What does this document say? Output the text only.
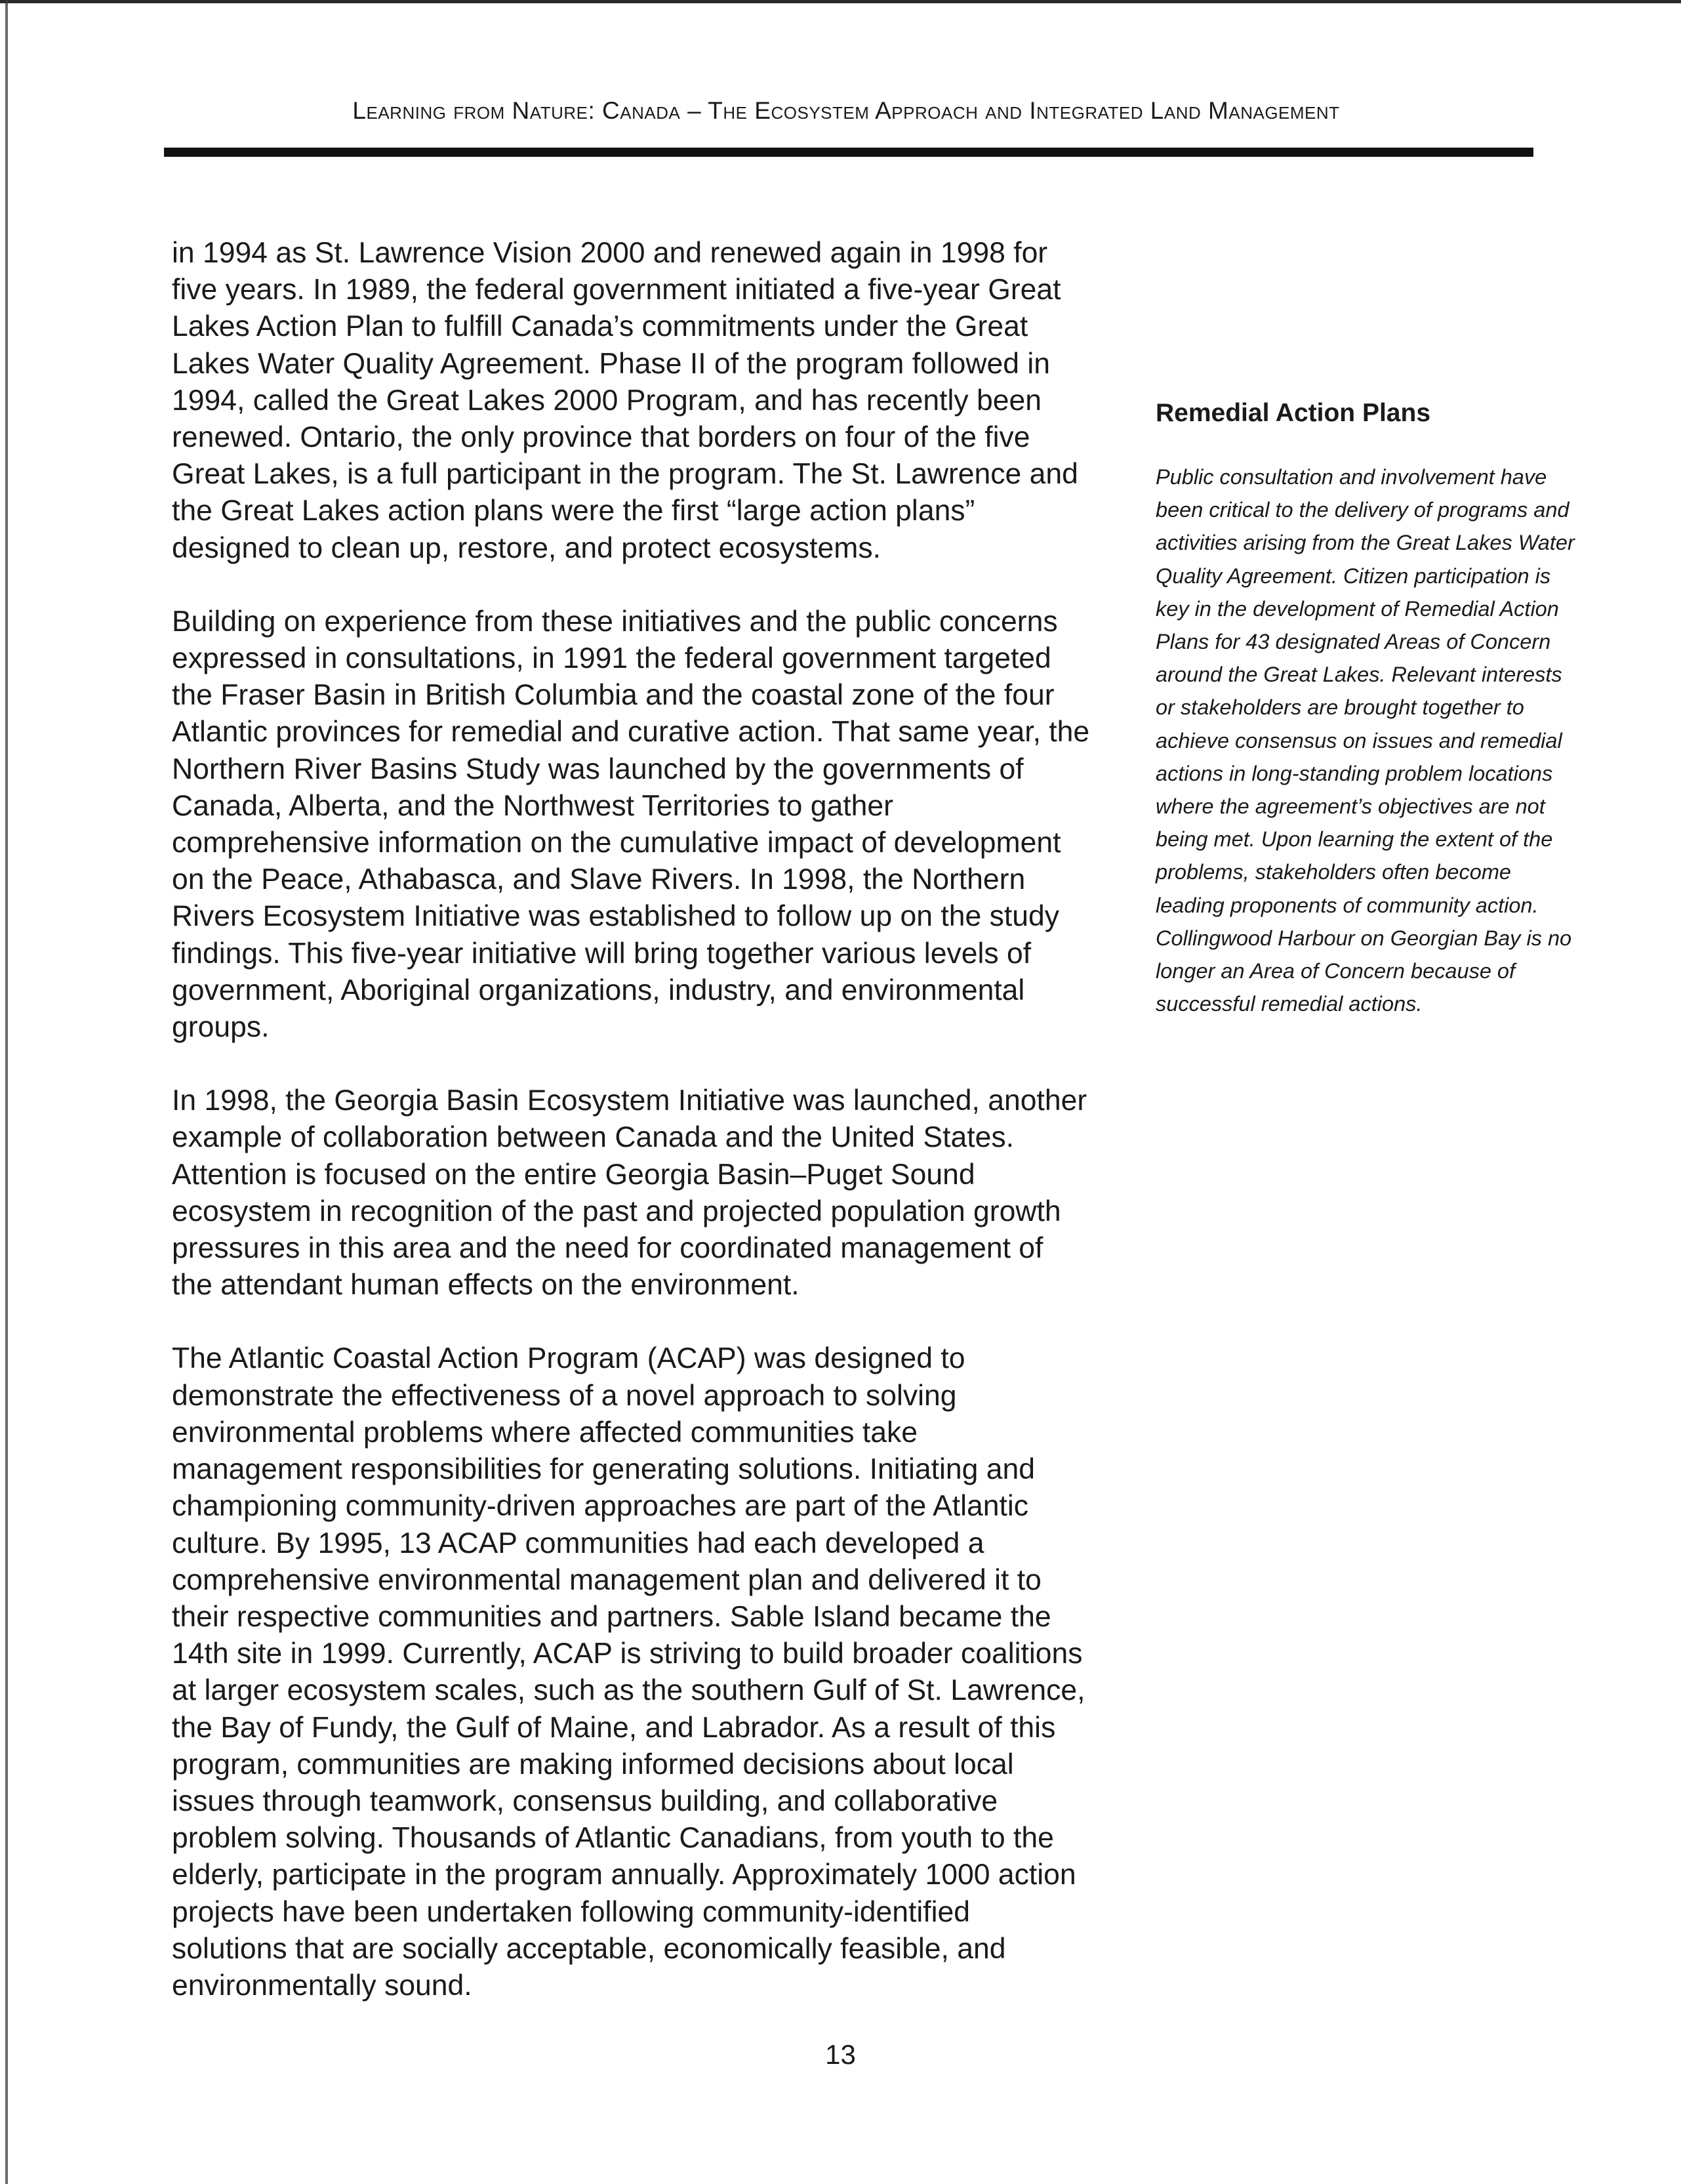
Learning from Nature: Canada – The Ecosystem Approach and Integrated Land Management

in 1994 as St. Lawrence Vision 2000 and renewed again in 1998 for five years. In 1989, the federal government initiated a five-year Great Lakes Action Plan to fulfill Canada’s commitments under the Great Lakes Water Quality Agreement. Phase II of the program followed in 1994, called the Great Lakes 2000 Program, and has recently been renewed. Ontario, the only province that borders on four of the five Great Lakes, is a full participant in the program. The St. Lawrence and the Great Lakes action plans were the first “large action plans” designed to clean up, restore, and protect ecosystems.

Building on experience from these initiatives and the public concerns expressed in consultations, in 1991 the federal government targeted the Fraser Basin in British Columbia and the coastal zone of the four Atlantic provinces for remedial and curative action. That same year, the Northern River Basins Study was launched by the governments of Canada, Alberta, and the Northwest Territories to gather comprehensive information on the cumulative impact of development on the Peace, Athabasca, and Slave Rivers. In 1998, the Northern Rivers Ecosystem Initiative was established to follow up on the study findings. This five-year initiative will bring together various levels of government, Aboriginal organizations, industry, and environmental groups.

In 1998, the Georgia Basin Ecosystem Initiative was launched, another example of collaboration between Canada and the United States. Attention is focused on the entire Georgia Basin–Puget Sound ecosystem in recognition of the past and projected population growth pressures in this area and the need for coordinated management of the attendant human effects on the environment.

The Atlantic Coastal Action Program (ACAP) was designed to demonstrate the effectiveness of a novel approach to solving environmental problems where affected communities take management responsibilities for generating solutions. Initiating and championing community-driven approaches are part of the Atlantic culture. By 1995, 13 ACAP communities had each developed a comprehensive environmental management plan and delivered it to their respective communities and partners. Sable Island became the 14th site in 1999. Currently, ACAP is striving to build broader coalitions at larger ecosystem scales, such as the southern Gulf of St. Lawrence, the Bay of Fundy, the Gulf of Maine, and Labrador. As a result of this program, communities are making informed decisions about local issues through teamwork, consensus building, and collaborative problem solving. Thousands of Atlantic Canadians, from youth to the elderly, participate in the program annually. Approximately 1000 action projects have been undertaken following community-identified solutions that are socially acceptable, economically feasible, and environmentally sound.

Remedial Action Plans

Public consultation and involvement have been critical to the delivery of programs and activities arising from the Great Lakes Water Quality Agreement. Citizen participation is key in the development of Remedial Action Plans for 43 designated Areas of Concern around the Great Lakes. Relevant interests or stakeholders are brought together to achieve consensus on issues and remedial actions in long-standing problem locations where the agreement’s objectives are not being met. Upon learning the extent of the problems, stakeholders often become leading proponents of community action. Collingwood Harbour on Georgian Bay is no longer an Area of Concern because of successful remedial actions.

13
